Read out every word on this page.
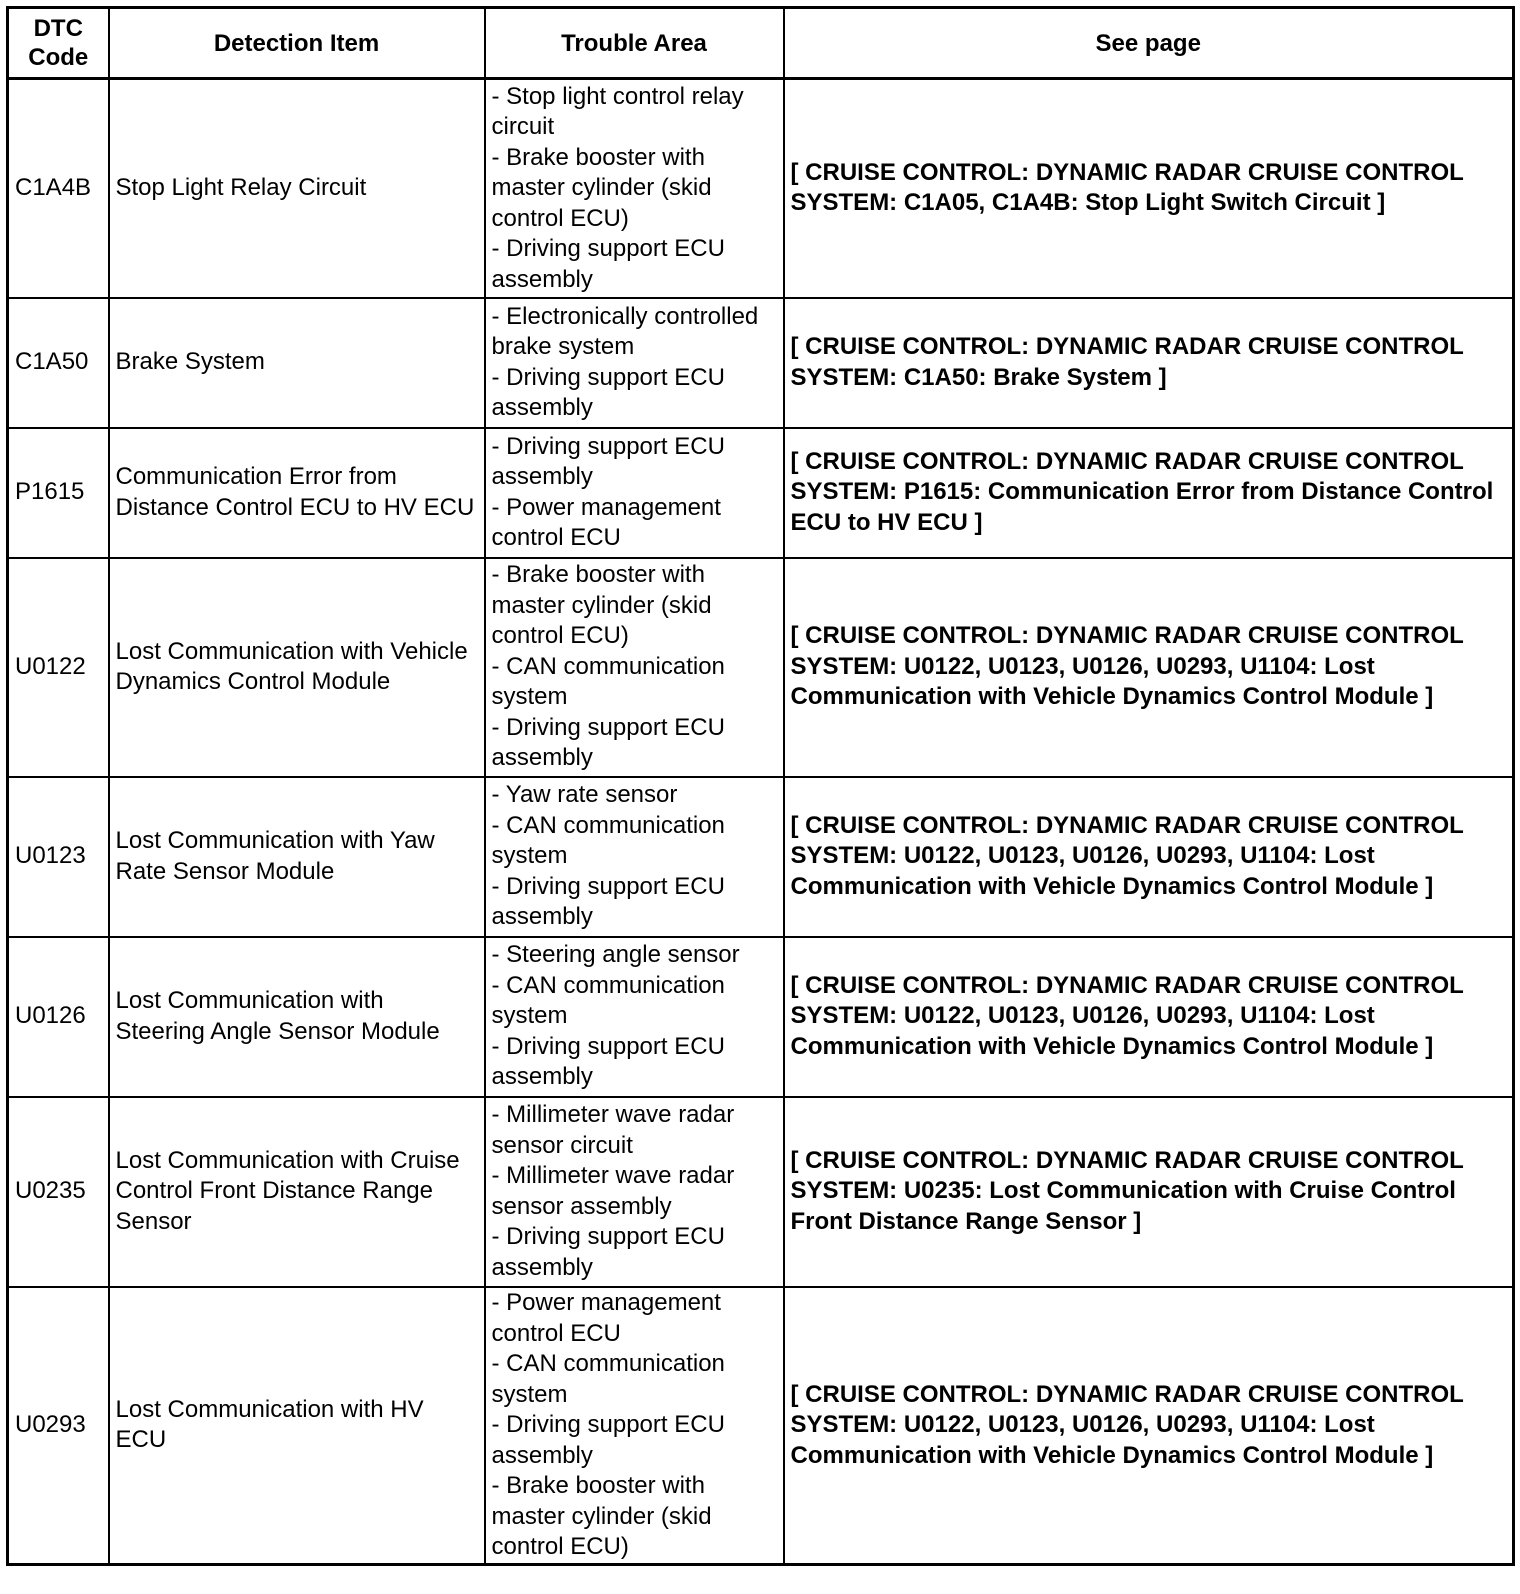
DTC Code	Detection Item	Trouble Area	See page
C1A4B	Stop Light Relay Circuit	- Stop light control relay circuit
- Brake booster with master cylinder (skid control ECU)
- Driving support ECU assembly	[ CRUISE CONTROL: DYNAMIC RADAR CRUISE CONTROL SYSTEM: C1A05, C1A4B: Stop Light Switch Circuit ]
C1A50	Brake System	- Electronically controlled brake system
- Driving support ECU assembly	[ CRUISE CONTROL: DYNAMIC RADAR CRUISE CONTROL SYSTEM: C1A50: Brake System ]
P1615	Communication Error from Distance Control ECU to HV ECU	- Driving support ECU assembly
- Power management control ECU	[ CRUISE CONTROL: DYNAMIC RADAR CRUISE CONTROL SYSTEM: P1615: Communication Error from Distance Control ECU to HV ECU ]
U0122	Lost Communication with Vehicle Dynamics Control Module	- Brake booster with master cylinder (skid control ECU)
- CAN communication system
- Driving support ECU assembly	[ CRUISE CONTROL: DYNAMIC RADAR CRUISE CONTROL SYSTEM: U0122, U0123, U0126, U0293, U1104: Lost Communication with Vehicle Dynamics Control Module ]
U0123	Lost Communication with Yaw Rate Sensor Module	- Yaw rate sensor
- CAN communication system
- Driving support ECU assembly	[ CRUISE CONTROL: DYNAMIC RADAR CRUISE CONTROL SYSTEM: U0122, U0123, U0126, U0293, U1104: Lost Communication with Vehicle Dynamics Control Module ]
U0126	Lost Communication with Steering Angle Sensor Module	- Steering angle sensor
- CAN communication system
- Driving support ECU assembly	[ CRUISE CONTROL: DYNAMIC RADAR CRUISE CONTROL SYSTEM: U0122, U0123, U0126, U0293, U1104: Lost Communication with Vehicle Dynamics Control Module ]
U0235	Lost Communication with Cruise Control Front Distance Range Sensor	- Millimeter wave radar sensor circuit
- Millimeter wave radar sensor assembly
- Driving support ECU assembly	[ CRUISE CONTROL: DYNAMIC RADAR CRUISE CONTROL SYSTEM: U0235: Lost Communication with Cruise Control Front Distance Range Sensor ]
U0293	Lost Communication with HV ECU	- Power management control ECU
- CAN communication system
- Driving support ECU assembly
- Brake booster with master cylinder (skid control ECU)	[ CRUISE CONTROL: DYNAMIC RADAR CRUISE CONTROL SYSTEM: U0122, U0123, U0126, U0293, U1104: Lost Communication with Vehicle Dynamics Control Module ]
